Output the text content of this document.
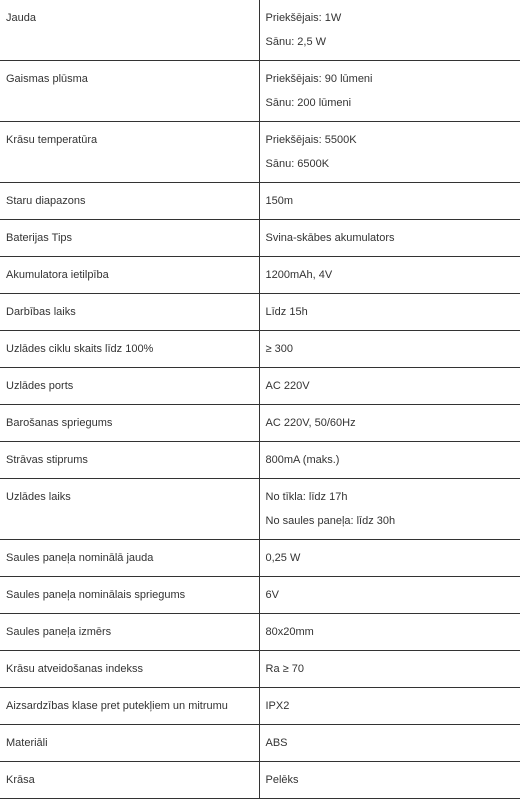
Jauda	Priekšējais: 1W
Sānu: 2,5 W

Gaismas plūsma	Priekšējais: 90 lūmeni
Sānu: 200 lūmeni

Krāsu temperatūra	Priekšējais: 5500K
Sānu: 6500K

Staru diapazons	150m

Baterijas Tips	Svina-skābes akumulators

Akumulatora ietilpība	1200mAh, 4V

Darbības laiks	Līdz 15h

Uzlādes ciklu skaits līdz 100%	≥ 300

Uzlādes ports	AC 220V

Barošanas spriegums	AC 220V, 50/60Hz

Strāvas stiprums	800mA (maks.)

Uzlādes laiks	No tīkla: līdz 17h
No saules paneļa: līdz 30h

Saules paneļa nominālā jauda	0,25 W

Saules paneļa nominālais spriegums	6V

Saules paneļa izmērs	80x20mm

Krāsu atveidošanas indekss	Ra ≥ 70

Aizsardzības klase pret putekļiem un mitrumu	IPX2

Materiāli	ABS

Krāsa	Pelēks
